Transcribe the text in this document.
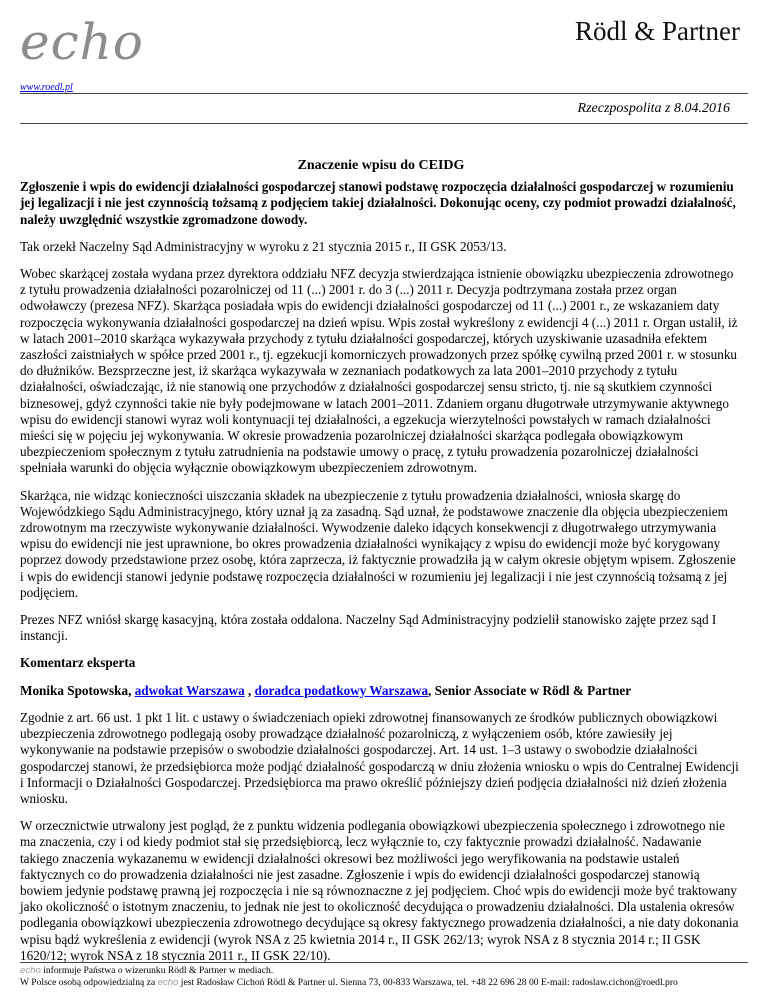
echo	Rödl & Partner
www.roedl.pl
Rzeczpospolita z 8.04.2016
Znaczenie wpisu do CEIDG
Zgłoszenie i wpis do ewidencji działalności gospodarczej stanowi podstawę rozpoczęcia działalności gospodarczej w rozumieniu jej legalizacji i nie jest czynnością tożsamą z podjęciem takiej działalności. Dokonując oceny, czy podmiot prowadzi działalność, należy uwzględnić wszystkie zgromadzone dowody.

Tak orzekł Naczelny Sąd Administracyjny w wyroku z 21 stycznia 2015 r., II GSK 2053/13.

Wobec skarżącej została wydana przez dyrektora oddziału NFZ decyzja stwierdzająca istnienie obowiązku ubezpieczenia zdrowotnego z tytułu prowadzenia działalności pozarolniczej od 11 (...) 2001 r. do 3 (...) 2011 r. Decyzja podtrzymana została przez organ odwoławczy (prezesa NFZ). Skarżąca posiadała wpis do ewidencji działalności gospodarczej od 11 (...) 2001 r., ze wskazaniem daty rozpoczęcia wykonywania działalności gospodarczej na dzień wpisu. Wpis został wykreślony z ewidencji 4 (...) 2011 r. Organ ustalił, iż w latach 2001–2010 skarżąca wykazywała przychody z tytułu działalności gospodarczej, których uzyskiwanie uzasadniła efektem zaszłości zaistniałych w spółce przed 2001 r., tj. egzekucji komorniczych prowadzonych przez spółkę cywilną przed 2001 r. w stosunku do dłużników. Bezsprzeczne jest, iż skarżąca wykazywała w zeznaniach podatkowych za lata 2001–2010 przychody z tytułu działalności, oświadczając, iż nie stanowią one przychodów z działalności gospodarczej sensu stricto, tj. nie są skutkiem czynności biznesowej, gdyż czynności takie nie były podejmowane w latach 2001–2011. Zdaniem organu długotrwałe utrzymywanie aktywnego wpisu do ewidencji stanowi wyraz woli kontynuacji tej działalności, a egzekucja wierzytelności powstałych w ramach działalności mieści się w pojęciu jej wykonywania. W okresie prowadzenia pozarolniczej działalności skarżąca podlegała obowiązkowym ubezpieczeniom społecznym z tytułu zatrudnienia na podstawie umowy o pracę, z tytułu prowadzenia pozarolniczej działalności spełniała warunki do objęcia wyłącznie obowiązkowym ubezpieczeniem zdrowotnym.

Skarżąca, nie widząc konieczności uiszczania składek na ubezpieczenie z tytułu prowadzenia działalności, wniosła skargę do Wojewódzkiego Sądu Administracyjnego, który uznał ją za zasadną. Sąd uznał, że podstawowe znaczenie dla objęcia ubezpieczeniem zdrowotnym ma rzeczywiste wykonywanie działalności. Wywodzenie daleko idących konsekwencji z długotrwałego utrzymywania wpisu do ewidencji nie jest uprawnione, bo okres prowadzenia działalności wynikający z wpisu do ewidencji może być korygowany poprzez dowody przedstawione przez osobę, która zaprzecza, iż faktycznie prowadziła ją w całym okresie objętym wpisem. Zgłoszenie i wpis do ewidencji stanowi jedynie podstawę rozpoczęcia działalności w rozumieniu jej legalizacji i nie jest czynnością tożsamą z jej podjęciem.

Prezes NFZ wniósł skargę kasacyjną, która została oddalona. Naczelny Sąd Administracyjny podzielił stanowisko zajęte przez sąd I instancji.

Komentarz eksperta

Monika Spotowska, adwokat Warszawa , doradca podatkowy Warszawa, Senior Associate w Rödl & Partner

Zgodnie z art. 66 ust. 1 pkt 1 lit. c ustawy o świadczeniach opieki zdrowotnej finansowanych ze środków publicznych obowiązkowi ubezpieczenia zdrowotnego podlegają osoby prowadzące działalność pozarolniczą, z wyłączeniem osób, które zawiesiły jej wykonywanie na podstawie przepisów o swobodzie działalności gospodarczej. Art. 14 ust. 1–3 ustawy o swobodzie działalności gospodarczej stanowi, że przedsiębiorca może podjąć działalność gospodarczą w dniu złożenia wniosku o wpis do Centralnej Ewidencji i Informacji o Działalności Gospodarczej. Przedsiębiorca ma prawo określić późniejszy dzień podjęcia działalności niż dzień złożenia wniosku.

W orzecznictwie utrwalony jest pogląd, że z punktu widzenia podlegania obowiązkowi ubezpieczenia społecznego i zdrowotnego nie ma znaczenia, czy i od kiedy podmiot stał się przedsiębiorcą, lecz wyłącznie to, czy faktycznie prowadzi działalność. Nadawanie takiego znaczenia wykazanemu w ewidencji działalności okresowi bez możliwości jego weryfikowania na podstawie ustaleń faktycznych co do prowadzenia działalności nie jest zasadne. Zgłoszenie i wpis do ewidencji działalności gospodarczej stanowią bowiem jedynie podstawę prawną jej rozpoczęcia i nie są równoznaczne z jej podjęciem. Choć wpis do ewidencji może być traktowany jako okoliczność o istotnym znaczeniu, to jednak nie jest to okoliczność decydująca o prowadzeniu działalności. Dla ustalenia okresów podlegania obowiązkowi ubezpieczenia zdrowotnego decydujące są okresy faktycznego prowadzenia działalności, a nie daty dokonania wpisu bądź wykreślenia z ewidencji (wyrok NSA z 25 kwietnia 2014 r., II GSK 262/13; wyrok NSA z 8 stycznia 2014 r.; II GSK 1620/12; wyrok NSA z 18 stycznia 2011 r., II GSK 22/10).

echo informuje Państwa o wizerunku Rödl & Partner w mediach.
W Polsce osobą odpowiedzialną za echo jest Radosław Cichoń Rödl & Partner ul. Sienna 73, 00-833 Warszawa, tel. +48 22 696 28 00 E-mail: radoslaw.cichon@roedl.pro
